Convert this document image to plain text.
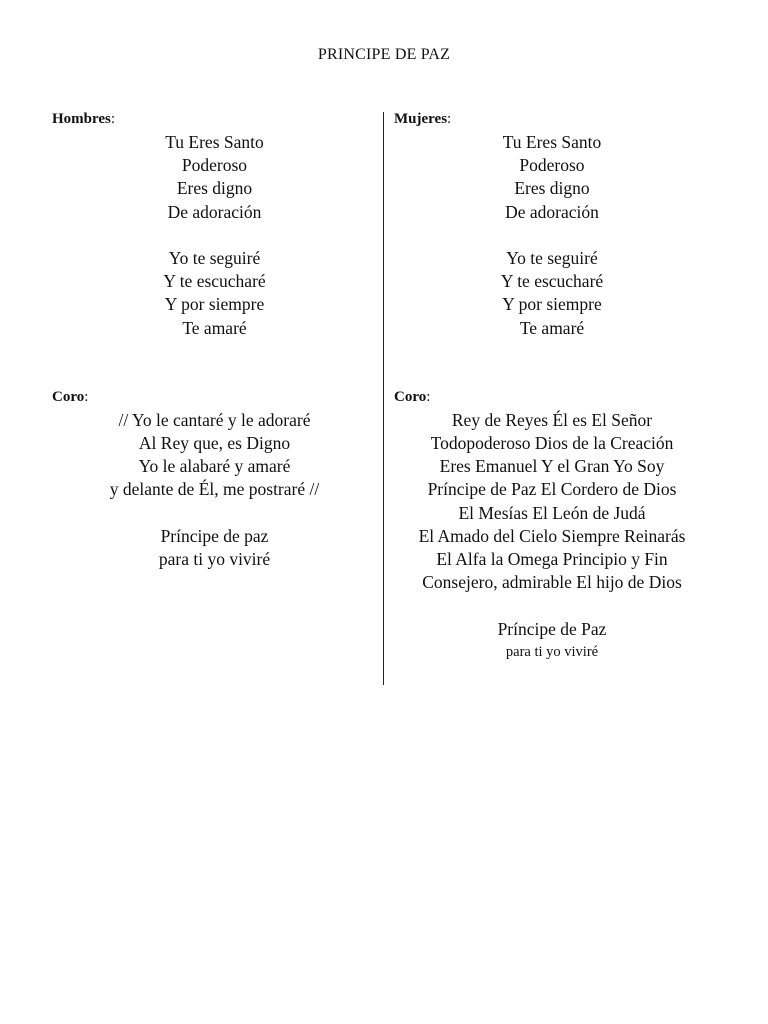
PRINCIPE DE PAZ
Hombres:
Tu Eres Santo
Poderoso
Eres digno
De adoración
Yo te seguiré
Y te escucharé
Y por siempre
Te amaré
Coro:
// Yo le cantaré y le adoraré
Al Rey que, es Digno
Yo le alabaré y amaré
y delante de Él, me postraré //
Príncipe de paz
para ti yo viviré
Mujeres:
Tu Eres Santo
Poderoso
Eres digno
De adoración
Yo te seguiré
Y te escucharé
Y por siempre
Te amaré
Coro:
Rey de Reyes Él es El Señor
Todopoderoso Dios de la Creación
Eres Emanuel Y el Gran Yo Soy
Príncipe de Paz El Cordero de Dios
El Mesías El León de Judá
El Amado del Cielo Siempre Reinarás
El Alfa la Omega Principio y Fin
Consejero, admirable El hijo de Dios
Príncipe de Paz
para ti yo viviré
